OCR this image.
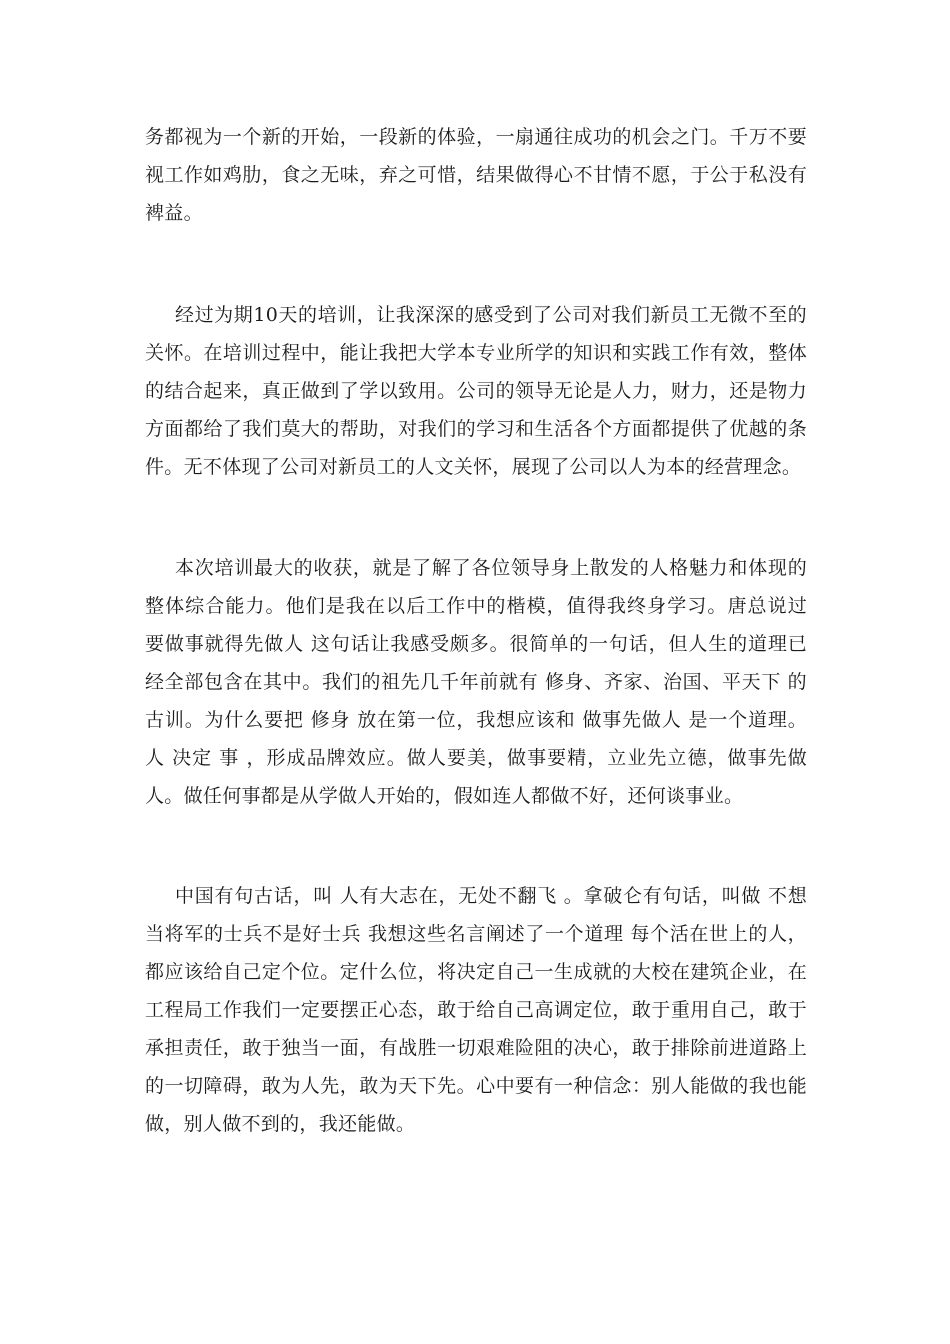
务都视为一个新的开始，一段新的体验，一扇通往成功的机会之门。千万不要视工作如鸡肋，食之无味，弃之可惜，结果做得心不甘情不愿，于公于私没有裨益。

经过为期10天的培训，让我深深的感受到了公司对我们新员工无微不至的关怀。在培训过程中，能让我把大学本专业所学的知识和实践工作有效，整体的结合起来，真正做到了学以致用。公司的领导无论是人力，财力，还是物力方面都给了我们莫大的帮助，对我们的学习和生活各个方面都提供了优越的条件。无不体现了公司对新员工的人文关怀，展现了公司以人为本的经营理念。

本次培训最大的收获，就是了解了各位领导身上散发的人格魅力和体现的整体综合能力。他们是我在以后工作中的楷模，值得我终身学习。唐总说过 要做事就得先做人 这句话让我感受颇多。很简单的一句话，但人生的道理已经全部包含在其中。我们的祖先几千年前就有 修身、齐家、治国、平天下 的古训。为什么要把 修身 放在第一位，我想应该和 做事先做人 是一个道理。 人 决定 事 ，形成品牌效应。做人要美，做事要精，立业先立德，做事先做人。做任何事都是从学做人开始的，假如连人都做不好，还何谈事业。

中国有句古话，叫 人有大志在，无处不翻飞 。拿破仑有句话，叫做 不想当将军的士兵不是好士兵 我想这些名言阐述了一个道理 每个活在世上的人，都应该给自己定个位。定什么位，将决定自己一生成就的大校在建筑企业，在工程局工作我们一定要摆正心态，敢于给自己高调定位，敢于重用自己，敢于承担责任，敢于独当一面，有战胜一切艰难险阻的决心，敢于排除前进道路上的一切障碍，敢为人先，敢为天下先。心中要有一种信念：别人能做的我也能做，别人做不到的，我还能做。
